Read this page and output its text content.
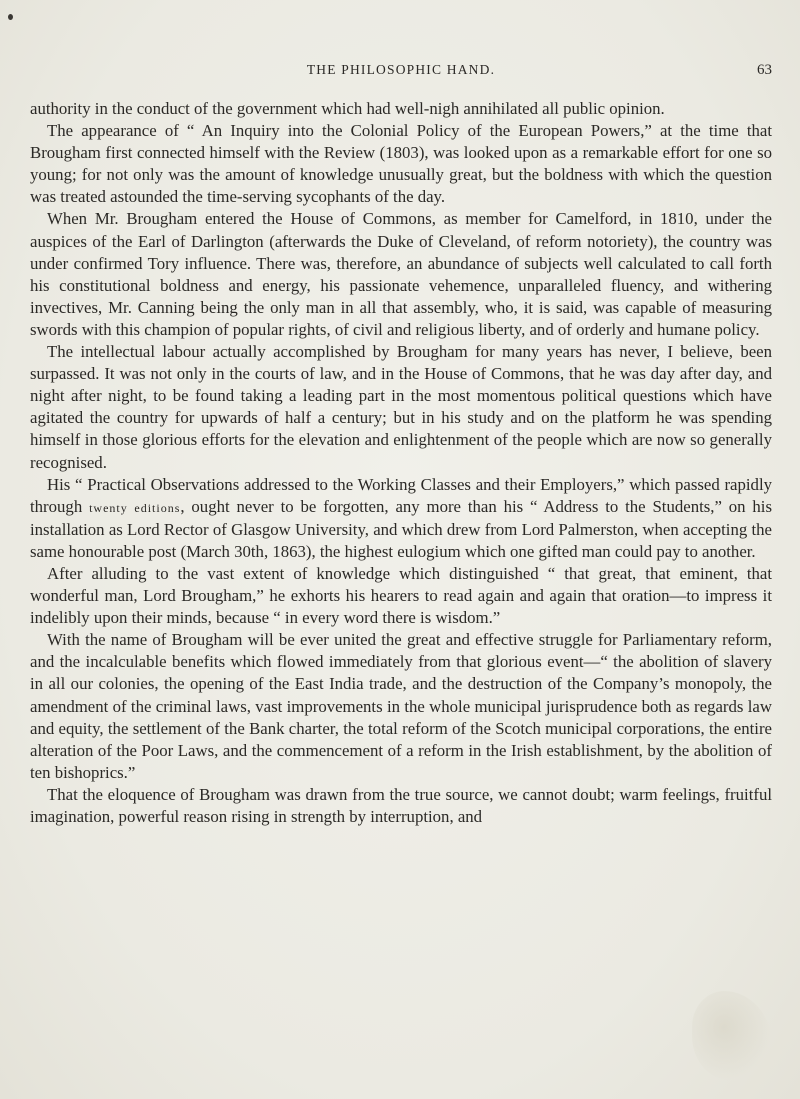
THE PHILOSOPHIC HAND.	63

authority in the conduct of the government which had well-nigh annihilated all public opinion.

The appearance of “ An Inquiry into the Colonial Policy of the European Powers,” at the time that Brougham first connected himself with the Review (1803), was looked upon as a remarkable effort for one so young; for not only was the amount of knowledge unusually great, but the boldness with which the question was treated astounded the time-serving sycophants of the day.

When Mr. Brougham entered the House of Commons, as member for Camelford, in 1810, under the auspices of the Earl of Darlington (afterwards the Duke of Cleveland, of reform notoriety), the country was under confirmed Tory influence. There was, therefore, an abundance of subjects well calculated to call forth his constitutional boldness and energy, his passionate vehemence, unparalleled fluency, and withering invectives, Mr. Canning being the only man in all that assembly, who, it is said, was capable of measuring swords with this champion of popular rights, of civil and religious liberty, and of orderly and humane policy.

The intellectual labour actually accomplished by Brougham for many years has never, I believe, been surpassed. It was not only in the courts of law, and in the House of Commons, that he was day after day, and night after night, to be found taking a leading part in the most momentous political questions which have agitated the country for upwards of half a century; but in his study and on the platform he was spending himself in those glorious efforts for the elevation and enlightenment of the people which are now so generally recognised.

His “ Practical Observations addressed to the Working Classes and their Employers,” which passed rapidly through twenty editions, ought never to be forgotten, any more than his “ Address to the Students,” on his installation as Lord Rector of Glasgow University, and which drew from Lord Palmerston, when accepting the same honourable post (March 30th, 1863), the highest eulogium which one gifted man could pay to another.

After alluding to the vast extent of knowledge which distinguished “ that great, that eminent, that wonderful man, Lord Brougham,” he exhorts his hearers to read again and again that oration—to impress it indelibly upon their minds, because “ in every word there is wisdom.”

With the name of Brougham will be ever united the great and effective struggle for Parliamentary reform, and the incalculable benefits which flowed immediately from that glorious event—“ the abolition of slavery in all our colonies, the opening of the East India trade, and the destruction of the Company’s monopoly, the amendment of the criminal laws, vast improvements in the whole municipal jurisprudence both as regards law and equity, the settlement of the Bank charter, the total reform of the Scotch municipal corporations, the entire alteration of the Poor Laws, and the commencement of a reform in the Irish establishment, by the abolition of ten bishoprics.”

That the eloquence of Brougham was drawn from the true source, we cannot doubt; warm feelings, fruitful imagination, powerful reason rising in strength by interruption, and
